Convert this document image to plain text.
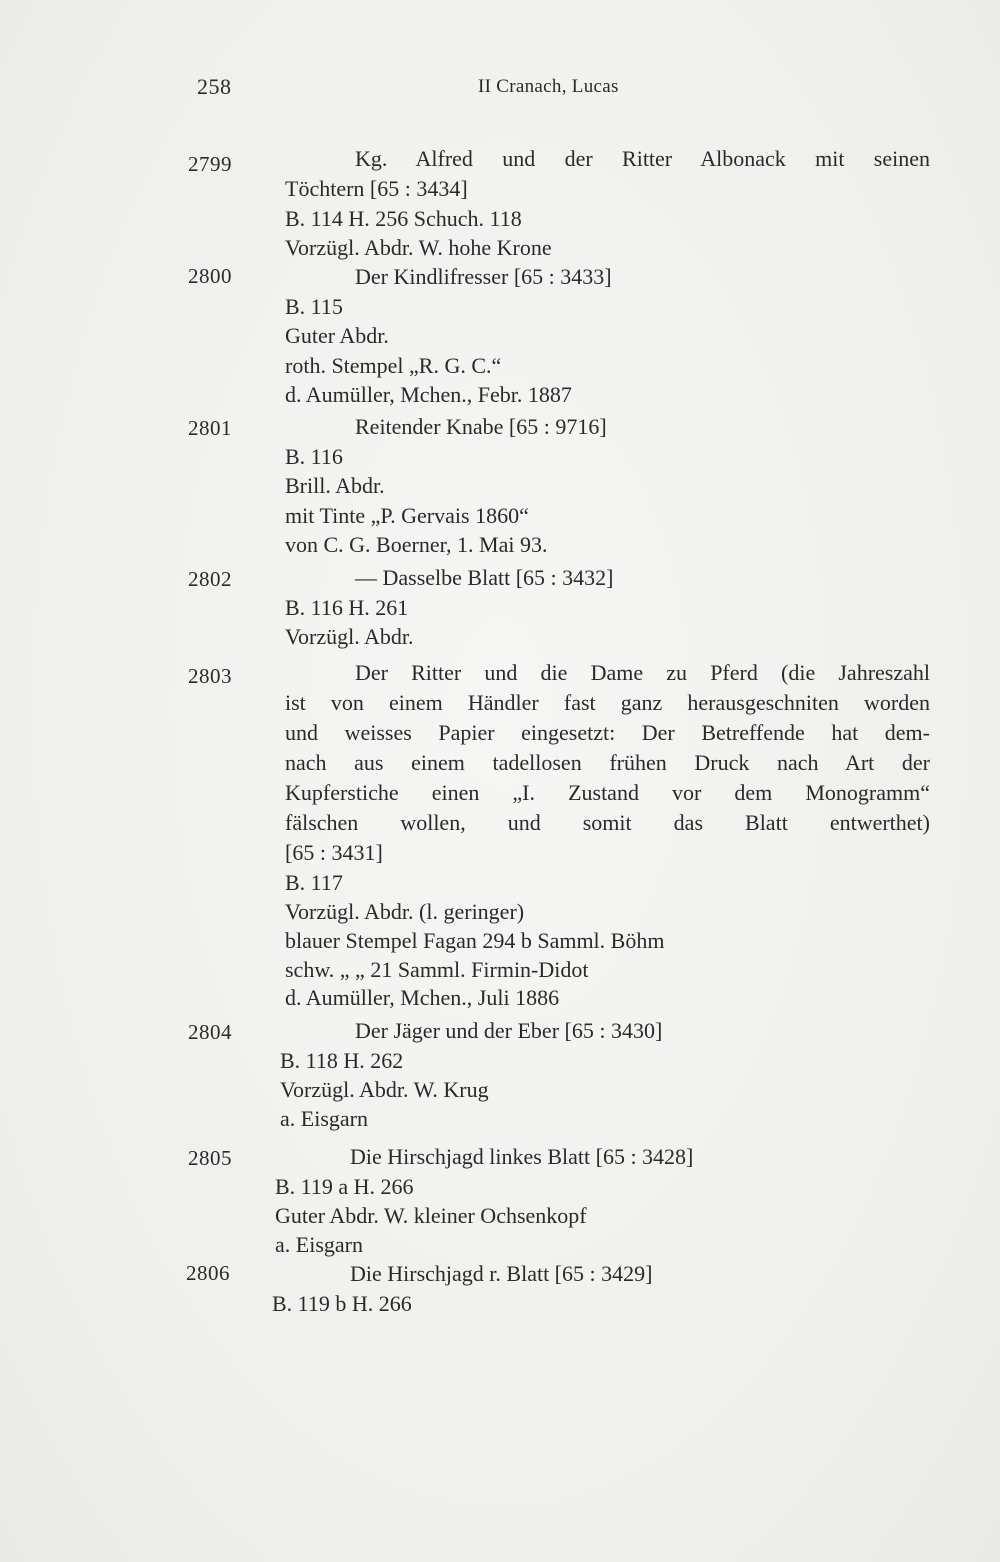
258	II Cranach, Lucas
2799	Kg. Alfred und der Ritter Albonack mit seinen
Töchtern [65 : 3434]
B. 114 H. 256 Schuch. 118
Vorzügl. Abdr. W. hohe Krone
2800	Der Kindlifresser [65 : 3433]
B. 115
Guter Abdr.
roth. Stempel „R. G. C.“
d. Aumüller, Mchen., Febr. 1887
2801	Reitender Knabe [65 : 9716]
B. 116
Brill. Abdr.
mit Tinte „P. Gervais 1860“
von C. G. Boerner, 1. Mai 93.
2802	— Dasselbe Blatt [65 : 3432]
B. 116 H. 261
Vorzügl. Abdr.
2803	Der Ritter und die Dame zu Pferd (die Jahreszahl
ist von einem Händler fast ganz herausgeschniten worden
und weisses Papier eingesetzt: Der Betreffende hat dem-
nach aus einem tadellosen frühen Druck nach Art der
Kupferstiche einen „I. Zustand vor dem Monogramm“
fälschen wollen, und somit das Blatt entwerthet)
[65 : 3431]
B. 117
Vorzügl. Abdr. (l. geringer)
blauer Stempel Fagan 294 b Samml. Böhm
schw. „ „ 21 Samml. Firmin-Didot
d. Aumüller, Mchen., Juli 1886
2804	Der Jäger und der Eber [65 : 3430]
B. 118 H. 262
Vorzügl. Abdr. W. Krug
a. Eisgarn
2805	Die Hirschjagd linkes Blatt [65 : 3428]
B. 119 a H. 266
Guter Abdr. W. kleiner Ochsenkopf
a. Eisgarn
2806	Die Hirschjagd r. Blatt [65 : 3429]
B. 119 b H. 266
